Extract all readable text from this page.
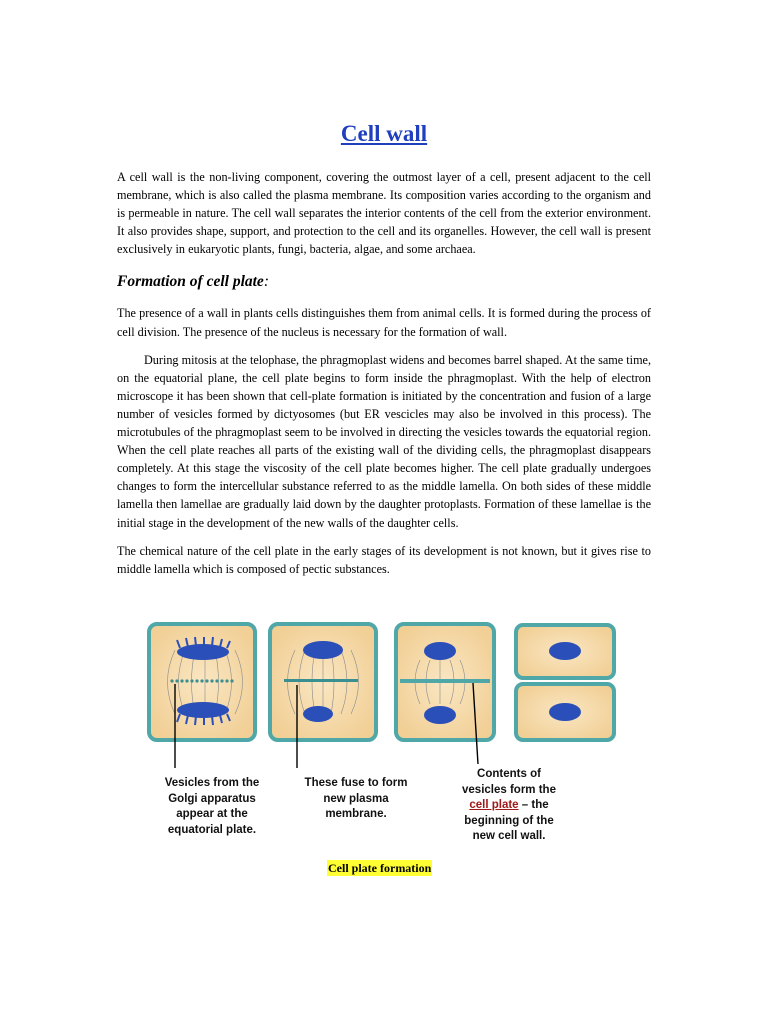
Cell wall

A cell wall is the non-living component, covering the outmost layer of a cell, present adjacent to the cell membrane, which is also called the plasma membrane. Its composition varies according to the organism and is permeable in nature. The cell wall separates the interior contents of the cell from the exterior environment. It also provides shape, support, and protection to the cell and its organelles. However, the cell wall is present exclusively in eukaryotic plants, fungi, bacteria, algae, and some archaea.

Formation of cell plate:

The presence of a wall in plants cells distinguishes them from animal cells. It is formed during the process of cell division. The presence of the nucleus is necessary for the formation of wall.

During mitosis at the telophase, the phragmoplast widens and becomes barrel shaped. At the same time, on the equatorial plane, the cell plate begins to form inside the phragmoplast. With the help of electron microscope it has been shown that cell-plate formation is initiated by the concentration and fusion of a large number of vesicles formed by dictyosomes (but ER vescicles may also be involved in this process). The microtubules of the phragmoplast seem to be involved in directing the vesicles towards the equatorial region. When the cell plate reaches all parts of the existing wall of the dividing cells, the phragmoplast disappears completely. At this stage the viscosity of the cell plate becomes higher. The cell plate gradually undergoes changes to form the intercellular substance referred to as the middle lamella. On both sides of these middle lamella then lamellae are gradually laid down by the daughter protoplasts. Formation of these lamellae is the initial stage in the development of the new walls of the daughter cells.

The chemical nature of the cell plate in the early stages of its development is not known, but it gives rise to middle lamella which is composed of pectic substances.

Vesicles from the
Golgi apparatus
appear at the
equatorial plate.
These fuse to form
new plasma
membrane.
Contents of
vesicles form the
cell plate – the
beginning of the
new cell wall.
Cell plate formation
